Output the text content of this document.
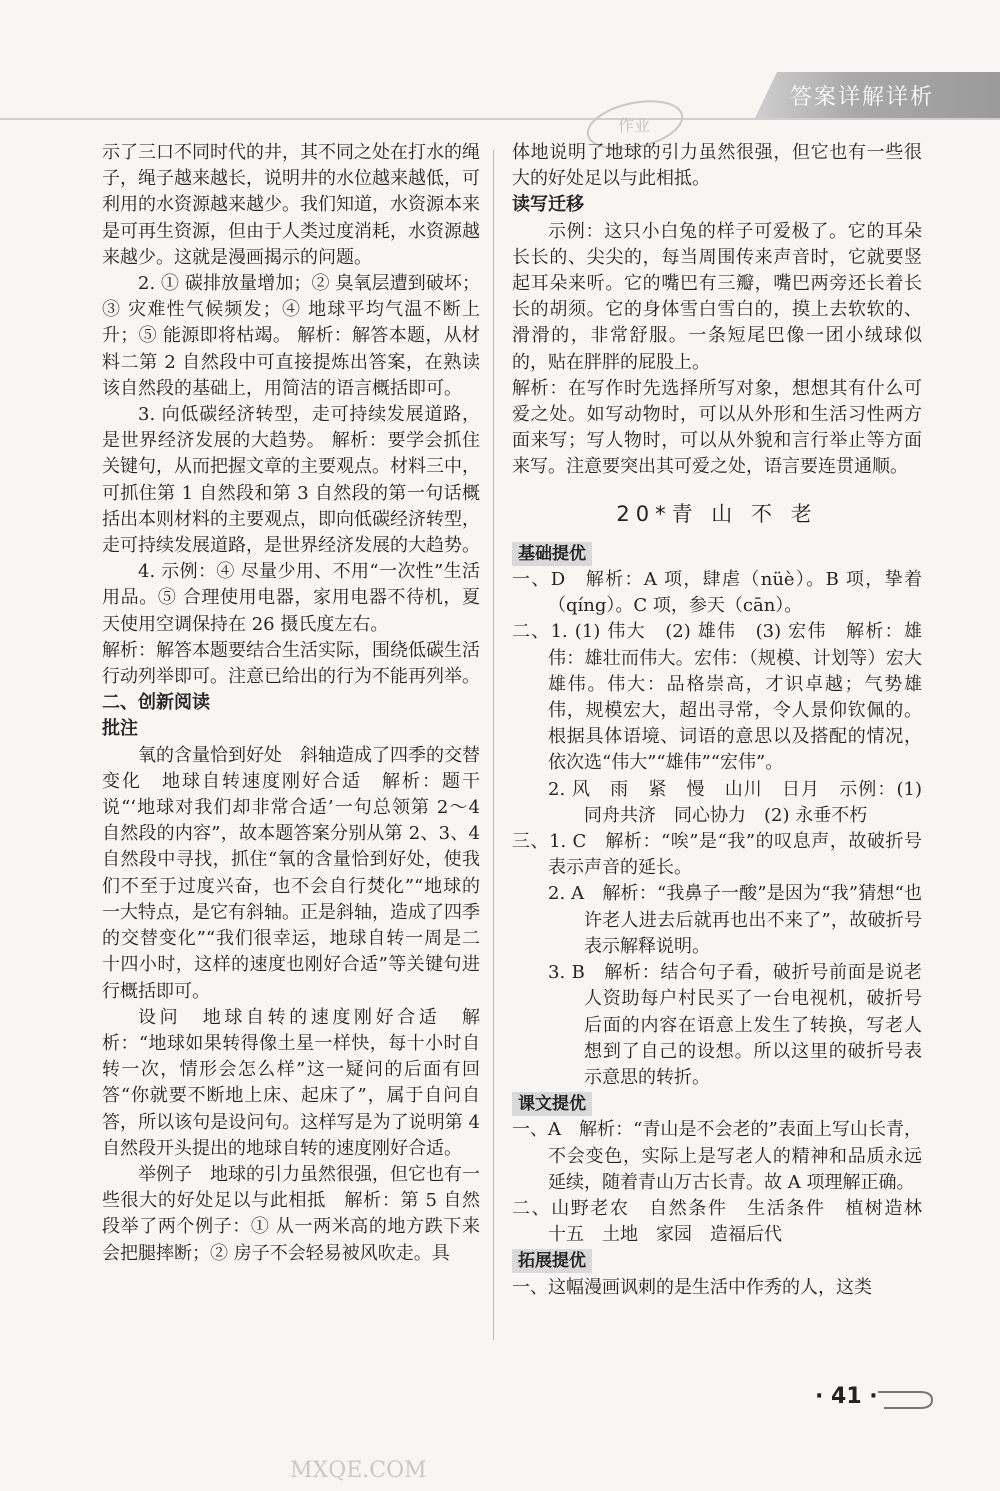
答案详解详析
作业

示了三口不同时代的井，其不同之处在打水的绳子，绳子越来越长，说明井的水位越来越低，可利用的水资源越来越少。我们知道，水资源本来是可再生资源，但由于人类过度消耗，水资源越来越少。这就是漫画揭示的问题。

2. ① 碳排放量增加；② 臭氧层遭到破坏；③ 灾难性气候频发；④ 地球平均气温不断上升；⑤ 能源即将枯竭。 解析：解答本题，从材料二第 2 自然段中可直接提炼出答案，在熟读该自然段的基础上，用简洁的语言概括即可。

3. 向低碳经济转型，走可持续发展道路，是世界经济发展的大趋势。 解析：要学会抓住关键句，从而把握文章的主要观点。材料三中，可抓住第 1 自然段和第 3 自然段的第一句话概括出本则材料的主要观点，即向低碳经济转型，走可持续发展道路，是世界经济发展的大趋势。

4. 示例：④ 尽量少用、不用“一次性”生活用品。⑤ 合理使用电器，家用电器不待机，夏天使用空调保持在 26 摄氏度左右。

解析：解答本题要结合生活实际，围绕低碳生活行动列举即可。注意已给出的行为不能再列举。

二、创新阅读

批注

氧的含量恰到好处　斜轴造成了四季的交替变化　地球自转速度刚好合适　解析：题干说“‘地球对我们却非常合适’一句总领第 2～4 自然段的内容”，故本题答案分别从第 2、3、4 自然段中寻找，抓住“氧的含量恰到好处，使我们不至于过度兴奋，也不会自行焚化”“地球的一大特点，是它有斜轴。正是斜轴，造成了四季的交替变化”“我们很幸运，地球自转一周是二十四小时，这样的速度也刚好合适”等关键句进行概括即可。

设问　地球自转的速度刚好合适　解析：“地球如果转得像土星一样快，每十小时自转一次，情形会怎么样”这一疑问的后面有回答“你就要不断地上床、起床了”，属于自问自答，所以该句是设问句。这样写是为了说明第 4 自然段开头提出的地球自转的速度刚好合适。

举例子　地球的引力虽然很强，但它也有一些很大的好处足以与此相抵　解析：第 5 自然段举了两个例子：① 从一两米高的地方跌下来会把腿摔断；② 房子不会轻易被风吹走。具

体地说明了地球的引力虽然很强，但它也有一些很大的好处足以与此相抵。

读写迁移

示例：这只小白兔的样子可爱极了。它的耳朵长长的、尖尖的，每当周围传来声音时，它就要竖起耳朵来听。它的嘴巴有三瓣，嘴巴两旁还长着长长的胡须。它的身体雪白雪白的，摸上去软软的、滑滑的，非常舒服。一条短尾巴像一团小绒球似的，贴在胖胖的屁股上。

解析：在写作时先选择所写对象，想想其有什么可爱之处。如写动物时，可以从外形和生活习性两方面来写；写人物时，可以从外貌和言行举止等方面来写。注意要突出其可爱之处，语言要连贯通顺。

20*青 山 不 老
基础提优

一、D　解析：A 项，肆虐（nüè）。B 项，挚着（qíng）。C 项，参天（cān）。

二、1. (1) 伟大　(2) 雄伟　(3) 宏伟　解析：雄伟：雄壮而伟大。宏伟：（规模、计划等）宏大雄伟。伟大：品格崇高，才识卓越；气势雄伟，规模宏大，超出寻常，令人景仰钦佩的。根据具体语境、词语的意思以及搭配的情况，依次选“伟大”“雄伟”“宏伟”。

2. 风　雨　紧　慢　山川　日月　示例：(1) 同舟共济　同心协力　(2) 永垂不朽

三、1. C　解析：“唉”是“我”的叹息声，故破折号表示声音的延长。

2. A　解析：“我鼻子一酸”是因为“我”猜想“也许老人进去后就再也出不来了”，故破折号表示解释说明。

3. B　解析：结合句子看，破折号前面是说老人资助每户村民买了一台电视机，破折号后面的内容在语意上发生了转换，写老人想到了自己的设想。所以这里的破折号表示意思的转折。

课文提优

一、A　解析：“青山是不会老的”表面上写山长青，不会变色，实际上是写老人的精神和品质永远延续，随着青山万古长青。故 A 项理解正确。

二、山野老农　自然条件　生活条件　植树造林　十五　土地　家园　造福后代

拓展提优

一、这幅漫画讽刺的是生活中作秀的人，这类

· 41 ·
MXQE.COM
